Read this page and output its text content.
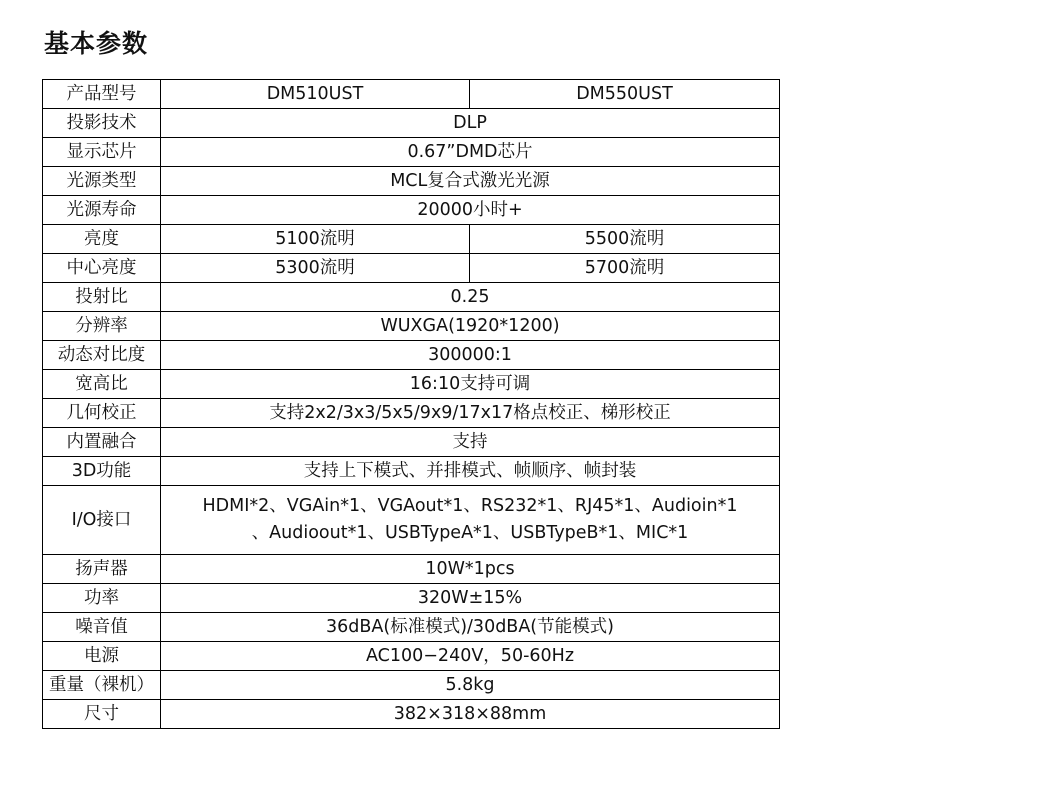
基本参数
产品型号	DM510UST	DM550UST
投影技术	DLP	
显示芯片	0.67”DMD芯片	
光源类型	MCL复合式激光光源	
光源寿命	20000小时+	
亮度	5100流明	5500流明
中心亮度	5300流明	5700流明
投射比	0.25	
分辨率	WUXGA(1920*1200)	
动态对比度	300000:1	
宽高比	16:10支持可调	
几何校正	支持2x2/3x3/5x5/9x9/17x17格点校正、梯形校正	
内置融合	支持	
3D功能	支持上下模式、并排模式、帧顺序、帧封装	
I/O接口	HDMI*2、VGAin*1、VGAout*1、RS232*1、RJ45*1、Audioin*1
、Audioout*1、USBTypeA*1、USBTypeB*1、MIC*1	

扬声器	10W*1pcs	
功率	320W±15%	
噪音值	36dBA(标准模式)/30dBA(节能模式)	
电源	AC100−240V，50-60Hz	
重量（裸机）	5.8kg	
尺寸	382×318×88mm	
